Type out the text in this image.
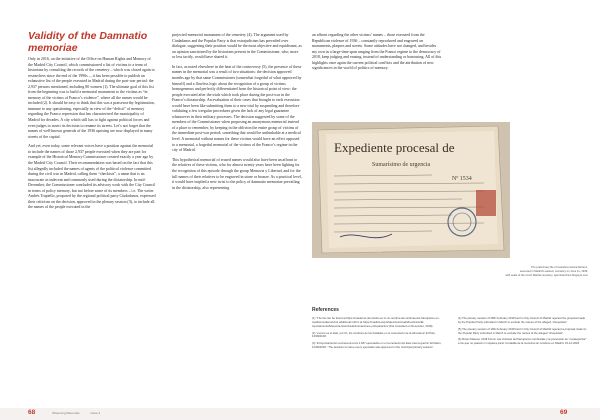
Validity of the Damnatio memoriae

Only in 2016, on the initiative of the Office on Human Rights and Memory of the Madrid City Council, which commissioned a list of victims to a team of historians by consulting the records of the cemetery – which was closed again to researchers since the end of the 1990s –, it has been possible to publish an exhaustive list of the people executed in Madrid during the post-war period: the 2,937 persons mentioned, including 80 women (1). The ultimate goal of this list from the beginning was to build a memorial monument to the victims as “in memory of the victims of Franco’s violence”, where all the names would be included (2). It should be easy to think that this was a praiseworthy legitimation, immune to any questioning, especially in view of the “deficit” of memory regarding the Franco repression that has characterised the municipality of Madrid for decades. A city which still has to fight against political forces and even judges to assert its decision to rename its streets. Let’s not forget that the names of well-known generals of the 1936 uprising are now displayed in many streets of the capital.

And yet, even today, some relevant voices have a position against the memorial to include the names of those 2,937 people executed when they are part for example of the Historical Memory Commissioner created exactly a year ago by the Madrid City Council. Their recommendation was based on the fact that this list allegedly included the names of agents of the political violence committed during the civil war in Madrid, calling them “checkists”, a name that is an inaccurate as indecent and commonly used during the dictatorship. In mid-December, the Commissioner concluded its advisory work with the City Council in terms of policy memory, but not before some of its members – i.e. The writer Andrés Trapiello, proposed by the regional political party Ciudadanos, expressed their criticism on the decision, approved in the plenary session (3), to include all the names of the people executed in the

projected memorial monument of the cemetery (4). The argument used by Ciudadanos and the Popular Party is that extrajudicism has prevailed over dialogue, suggesting their position would be the most objective and equidistant, as an opinion sanctioned by the historians present in the Commissioner, who, more or less tacitly, would have shared it.

In fact, as noted elsewhere in the heat of the controversy (5), the presence of these names in the memorial was a result of two situations: the decision approved months ago by that same Commissioner (somewhat forgetful of what approved by himself) and a flawless logic about the recognition of a group of victims homogeneous and perfectly differentiated from the historical point of view: the people executed after the trials which took place during the post-war in the Franco’s dictatorship. An evaluation of their cases that brought to each execution would have been like submitting them to a new trial by suspending and therefore validating a few irregular procedures given the lack of any legal guarantee whatsoever in their military processes. The decision suggested by some of the members of the Commissioner when proposing an anonymous memorial instead of a place to remember, by keeping in the oblivion the entire group of victims of the immediate post-war period; something that would be unthinkable at a medical level. A memorial without names for these victims would have an effect opposed to a memorial, a forgetful memorial of the victims of the Franco’s regime in the city of Madrid.

This hypothetical memorial of erased names would also have been an affront to the relatives of these victims, who for almost twenty years have been fighting for the recognition of this episode through the group Memoria y Libertad, and for the full names of their relatives to be engraved in stone or bronze. As a practical level, it would have implied a new twist to the policy of damnatio memoriae prevailing in the dictatorship, also representing

an affront regarding the other victims’ names – those executed from the Republican violence of 1936 – constantly reproduced and engraved on monuments, plaques and streets. Some attitudes have not changed, and besides my own in a large-time span ranging from the Franco regime to the democracy of 2018, keep judging and erasing, instead of understanding or honouring. All of this highlights once again the current political conflicts and the attribution of new significances in the world of politics of memory.

Expediente procesal de
Sumarísimo de urgencia
Nº 1534
The preliminary file of Celestina García Moreno,
executed in Madrid’s eastern cemetery on June 11, 1939,
with seals of the Court Martial cemetery. ejercitoarchivo.blogspot.com
References

(1) “The list can be found at https://cuaderno-del-olvido.es/ to un-nombre-las-victimas-del-franquismo-en-madrid-ciudad and its additional inform at https://madrid-es/portales/munimadrid/es/Inicio/El-Ayuntamiento/Memoria-historica-Exhumaciones-y-Reparacion/ (link consulted on December, 2018).

(2) “Lucero es el dato, por fin, los nombres de los fusilados en el cementerio de la Almudena” El País, 13/09/2018.

(3) “El Ayuntamiento reconocerá a los 2.937 ejecutados en el cementerio del Este tras la guerra” El Diario, 12/06/2018. “The decision to name every ejecutado was approved in the municipal plenary session”.

(4) The plenary session of 28th February 2018 held in City Council of Madrid rejected the proposal made by the Popular Party submitted in March to exclude the names of the alleged “chequistas”.

(5) The plenary session of 19th February 2018 held in City Council of Madrid rejected a proposal made by the Popular Party submitted in March to exclude the names of the alleged “chequistas”.

(6) Rosa Vilaseca, 2018 Forum Las víctimas del franquismo nombradas y la pretensión de “recategorizar” a los que no pasaron ni siquiera juicio: la batalla de la memoria sin nombres en Madrid, 15-12-2018.

68	Observing Memories	Issue 2	69
